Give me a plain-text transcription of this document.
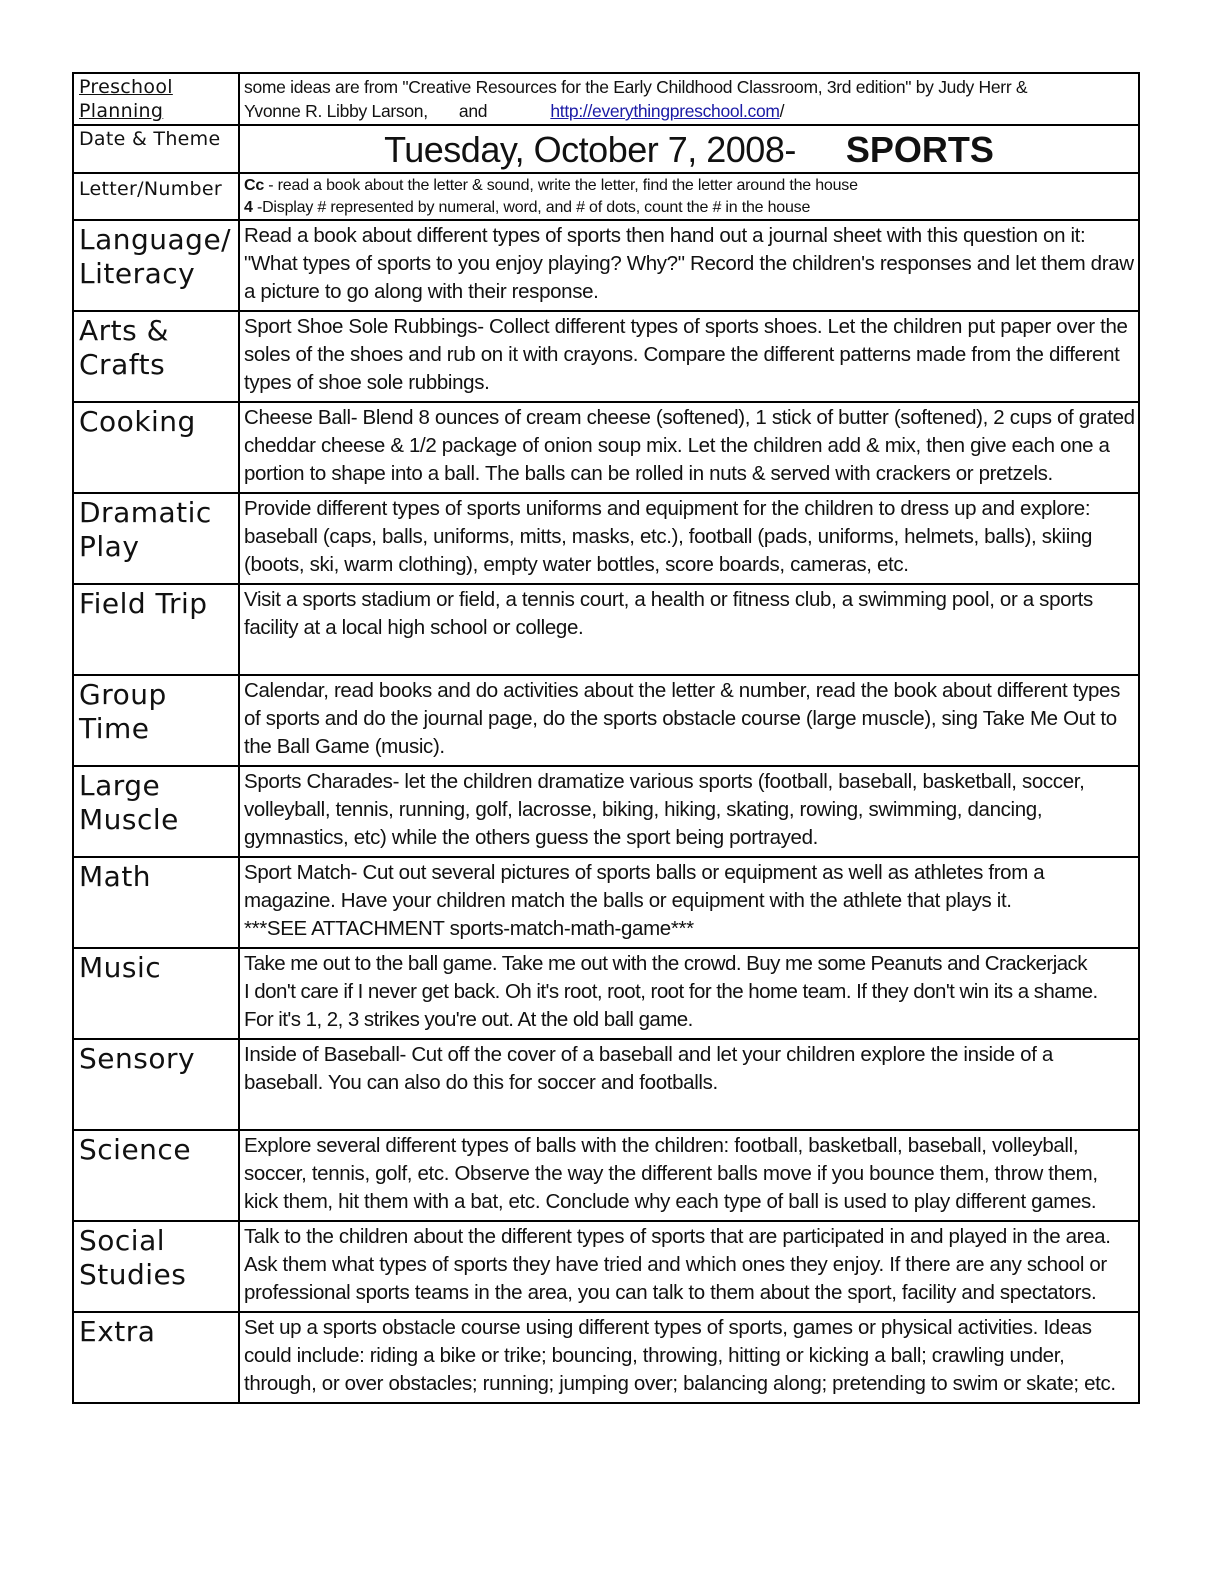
Preschool
Planning	some ideas are from "Creative Resources for the Early Childhood Classroom, 3rd edition" by Judy Herr &
Yvonne R. Libby Larson, and http://everythingpreschool.com/

Date & Theme	Tuesday, October 7, 2008- SPORTS

Letter/Number	Cc - read a book about the letter & sound, write the letter, find the letter around the house
4 -Display # represented by numeral, word, and # of dots, count the # in the house

Language/
Literacy	Read a book about different types of sports then hand out a journal sheet with this question on it: "What types of sports to you enjoy playing? Why?" Record the children's responses and let them draw a picture to go along with their response.

Arts &
Crafts	Sport Shoe Sole Rubbings- Collect different types of sports shoes. Let the children put paper over the soles of the shoes and rub on it with crayons. Compare the different patterns made from the different types of shoe sole rubbings.

Cooking	Cheese Ball- Blend 8 ounces of cream cheese (softened), 1 stick of butter (softened), 2 cups of grated cheddar cheese & 1/2 package of onion soup mix. Let the children add & mix, then give each one a portion to shape into a ball. The balls can be rolled in nuts & served with crackers or pretzels.

Dramatic
Play	Provide different types of sports uniforms and equipment for the children to dress up and explore: baseball (caps, balls, uniforms, mitts, masks, etc.), football (pads, uniforms, helmets, balls), skiing (boots, ski, warm clothing), empty water bottles, score boards, cameras, etc.

Field Trip	Visit a sports stadium or field, a tennis court, a health or fitness club, a swimming pool, or a sports facility at a local high school or college.

Group
Time	Calendar, read books and do activities about the letter & number, read the book about different types of sports and do the journal page, do the sports obstacle course (large muscle), sing Take Me Out to the Ball Game (music).

Large
Muscle	Sports Charades- let the children dramatize various sports (football, baseball, basketball, soccer, volleyball, tennis, running, golf, lacrosse, biking, hiking, skating, rowing, swimming, dancing, gymnastics, etc) while the others guess the sport being portrayed.

Math	Sport Match- Cut out several pictures of sports balls or equipment as well as athletes from a magazine. Have your children match the balls or equipment with the athlete that plays it.
***SEE ATTACHMENT sports-match-math-game***

Music	Take me out to the ball game. Take me out with the crowd. Buy me some Peanuts and Crackerjack
I don't care if I never get back. Oh it's root, root, root for the home team. If they don't win its a shame.
For it's 1, 2, 3 strikes you're out. At the old ball game.

Sensory	Inside of Baseball- Cut off the cover of a baseball and let your children explore the inside of a baseball. You can also do this for soccer and footballs.

Science	Explore several different types of balls with the children: football, basketball, baseball, volleyball, soccer, tennis, golf, etc. Observe the way the different balls move if you bounce them, throw them, kick them, hit them with a bat, etc. Conclude why each type of ball is used to play different games.

Social
Studies	Talk to the children about the different types of sports that are participated in and played in the area. Ask them what types of sports they have tried and which ones they enjoy. If there are any school or professional sports teams in the area, you can talk to them about the sport, facility and spectators.

Extra	Set up a sports obstacle course using different types of sports, games or physical activities. Ideas could include: riding a bike or trike; bouncing, throwing, hitting or kicking a ball; crawling under, through, or over obstacles; running; jumping over; balancing along; pretending to swim or skate; etc.
